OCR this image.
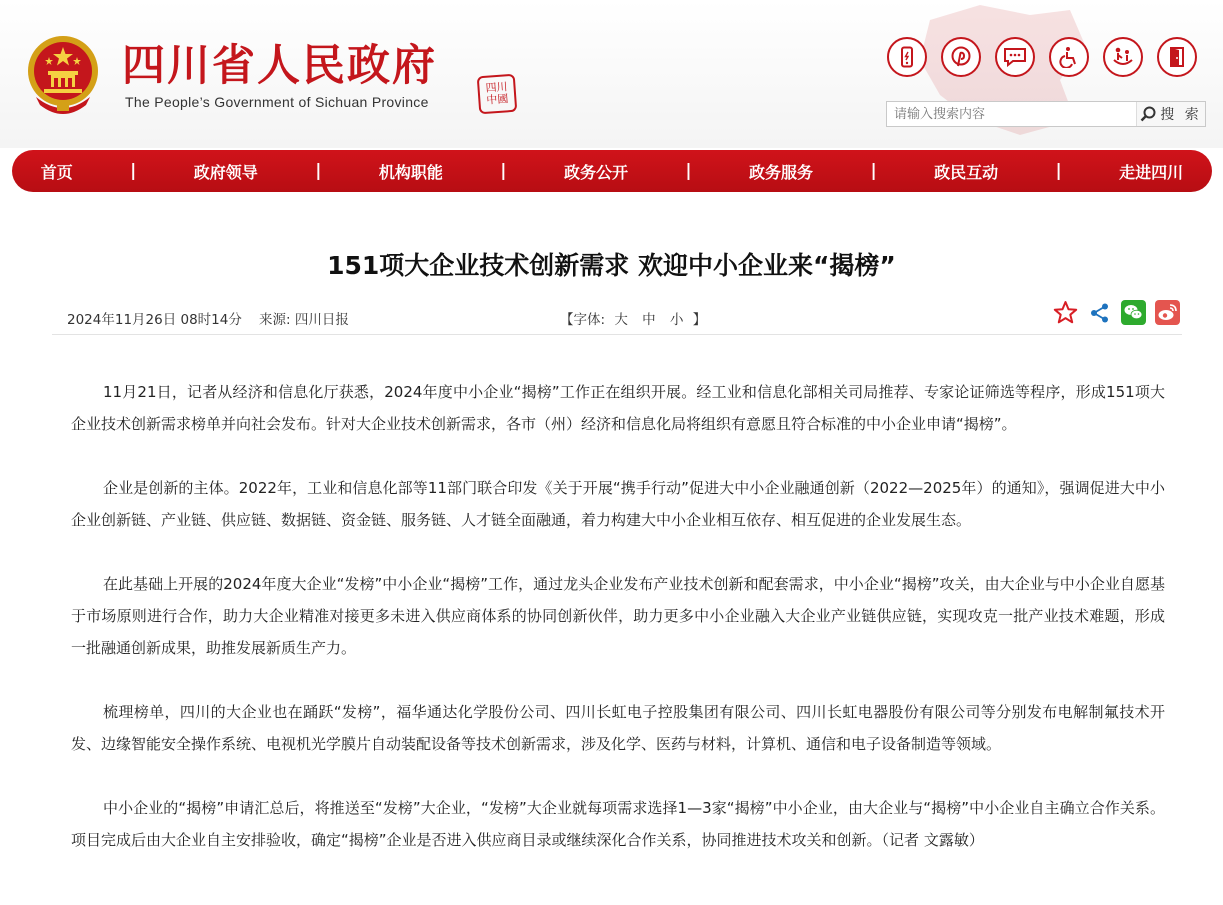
四川省人民政府
The People’s Government of Sichuan Province
四川
中國
请输入搜索内容
搜 索
首页	|	政府领导	|	机构职能	|	政务公开	|	政务服务	|	政民互动	|	走进四川
151项大企业技术创新需求 欢迎中小企业来“揭榜”
2024年11月26日 08时14分 来源: 四川日报	【字体: 大 中 小 】

11月21日，记者从经济和信息化厅获悉，2024年度中小企业“揭榜”工作正在组织开展。经工业和信息化部相关司局推荐、专家论证筛选等程序，形成151项大企业技术创新需求榜单并向社会发布。针对大企业技术创新需求，各市（州）经济和信息化局将组织有意愿且符合标准的中小企业申请“揭榜”。

企业是创新的主体。2022年，工业和信息化部等11部门联合印发《关于开展“携手行动”促进大中小企业融通创新（2022—2025年）的通知》，强调促进大中小企业创新链、产业链、供应链、数据链、资金链、服务链、人才链全面融通，着力构建大中小企业相互依存、相互促进的企业发展生态。

在此基础上开展的2024年度大企业“发榜”中小企业“揭榜”工作，通过龙头企业发布产业技术创新和配套需求，中小企业“揭榜”攻关，由大企业与中小企业自愿基于市场原则进行合作，助力大企业精准对接更多未进入供应商体系的协同创新伙伴，助力更多中小企业融入大企业产业链供应链，实现攻克一批产业技术难题，形成一批融通创新成果，助推发展新质生产力。

梳理榜单，四川的大企业也在踊跃“发榜”，福华通达化学股份公司、四川长虹电子控股集团有限公司、四川长虹电器股份有限公司等分别发布电解制氟技术开发、边缘智能安全操作系统、电视机光学膜片自动装配设备等技术创新需求，涉及化学、医药与材料，计算机、通信和电子设备制造等领域。

中小企业的“揭榜”申请汇总后，将推送至“发榜”大企业，“发榜”大企业就每项需求选择1—3家“揭榜”中小企业，由大企业与“揭榜”中小企业自主确立合作关系。项目完成后由大企业自主安排验收，确定“揭榜”企业是否进入供应商目录或继续深化合作关系，协同推进技术攻关和创新。（记者 文露敏）
